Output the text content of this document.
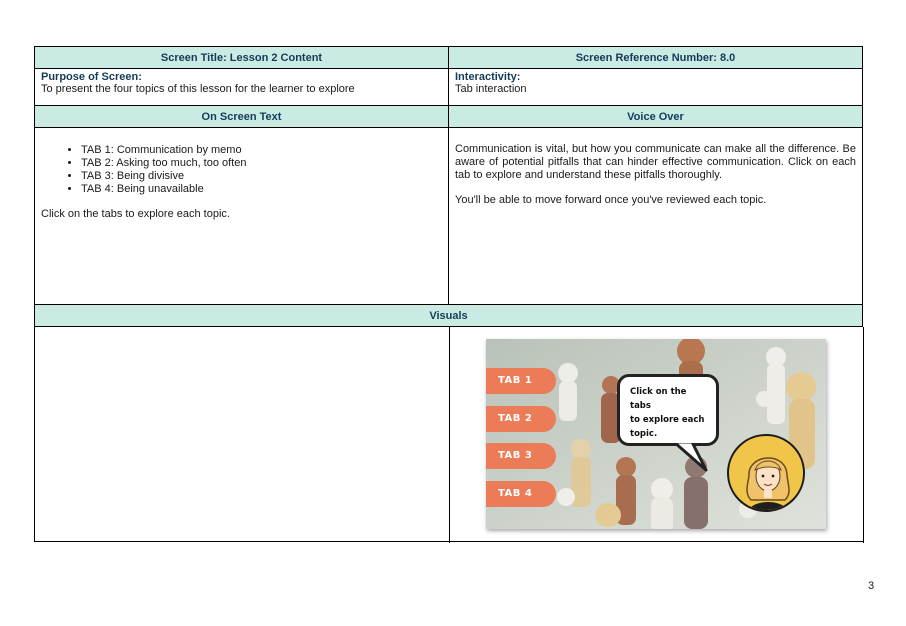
Screen Title: Lesson 2 Content	Screen Reference Number: 8.0
Purpose of Screen:
To present the four topics of this lesson for the learner to explore
Interactivity:
Tab interaction
On Screen Text	Voice Over
• TAB 1: Communication by memo
• TAB 2: Asking too much, too often
• TAB 3: Being divisive
• TAB 4: Being unavailable
Click on the tabs to explore each topic.

Communication is vital, but how you communicate can make all the difference. Be aware of potential pitfalls that can hinder effective communication. Click on each tab to explore and understand these pitfalls thoroughly.

You'll be able to move forward once you've reviewed each topic.

Visuals
TAB 1
TAB 2
TAB 3
TAB 4
Click on the tabs
to explore each
topic.
3
